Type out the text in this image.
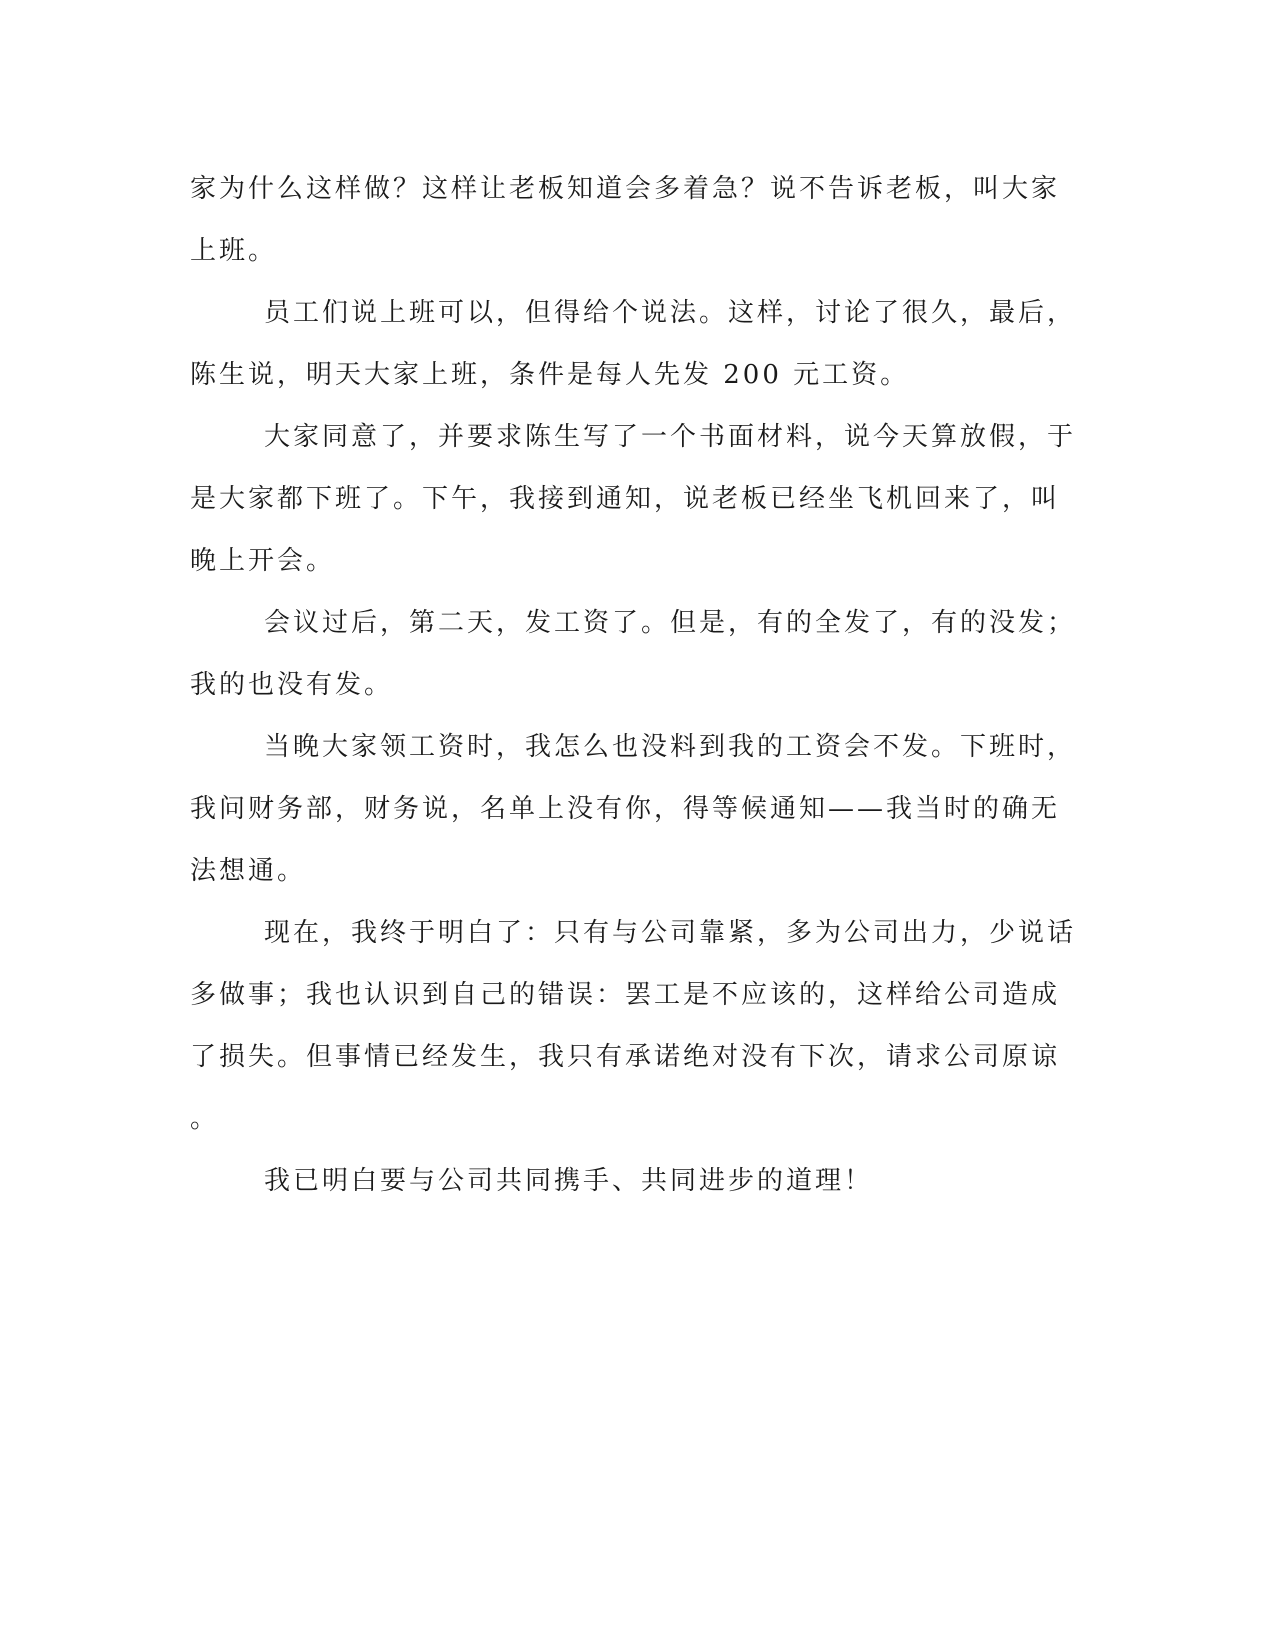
家为什么这样做？这样让老板知道会多着急？说不告诉老板，叫大家
上班。

员工们说上班可以，但得给个说法。这样，讨论了很久，最后，
陈生说，明天大家上班，条件是每人先发 200 元工资。

大家同意了，并要求陈生写了一个书面材料，说今天算放假，于
是大家都下班了。下午，我接到通知，说老板已经坐飞机回来了，叫
晚上开会。

会议过后，第二天，发工资了。但是，有的全发了，有的没发；
我的也没有发。

当晚大家领工资时，我怎么也没料到我的工资会不发。下班时，
我问财务部，财务说，名单上没有你，得等候通知——我当时的确无
法想通。

现在，我终于明白了：只有与公司靠紧，多为公司出力，少说话
多做事；我也认识到自己的错误：罢工是不应该的，这样给公司造成
了损失。但事情已经发生，我只有承诺绝对没有下次，请求公司原谅
。

我已明白要与公司共同携手、共同进步的道理！
